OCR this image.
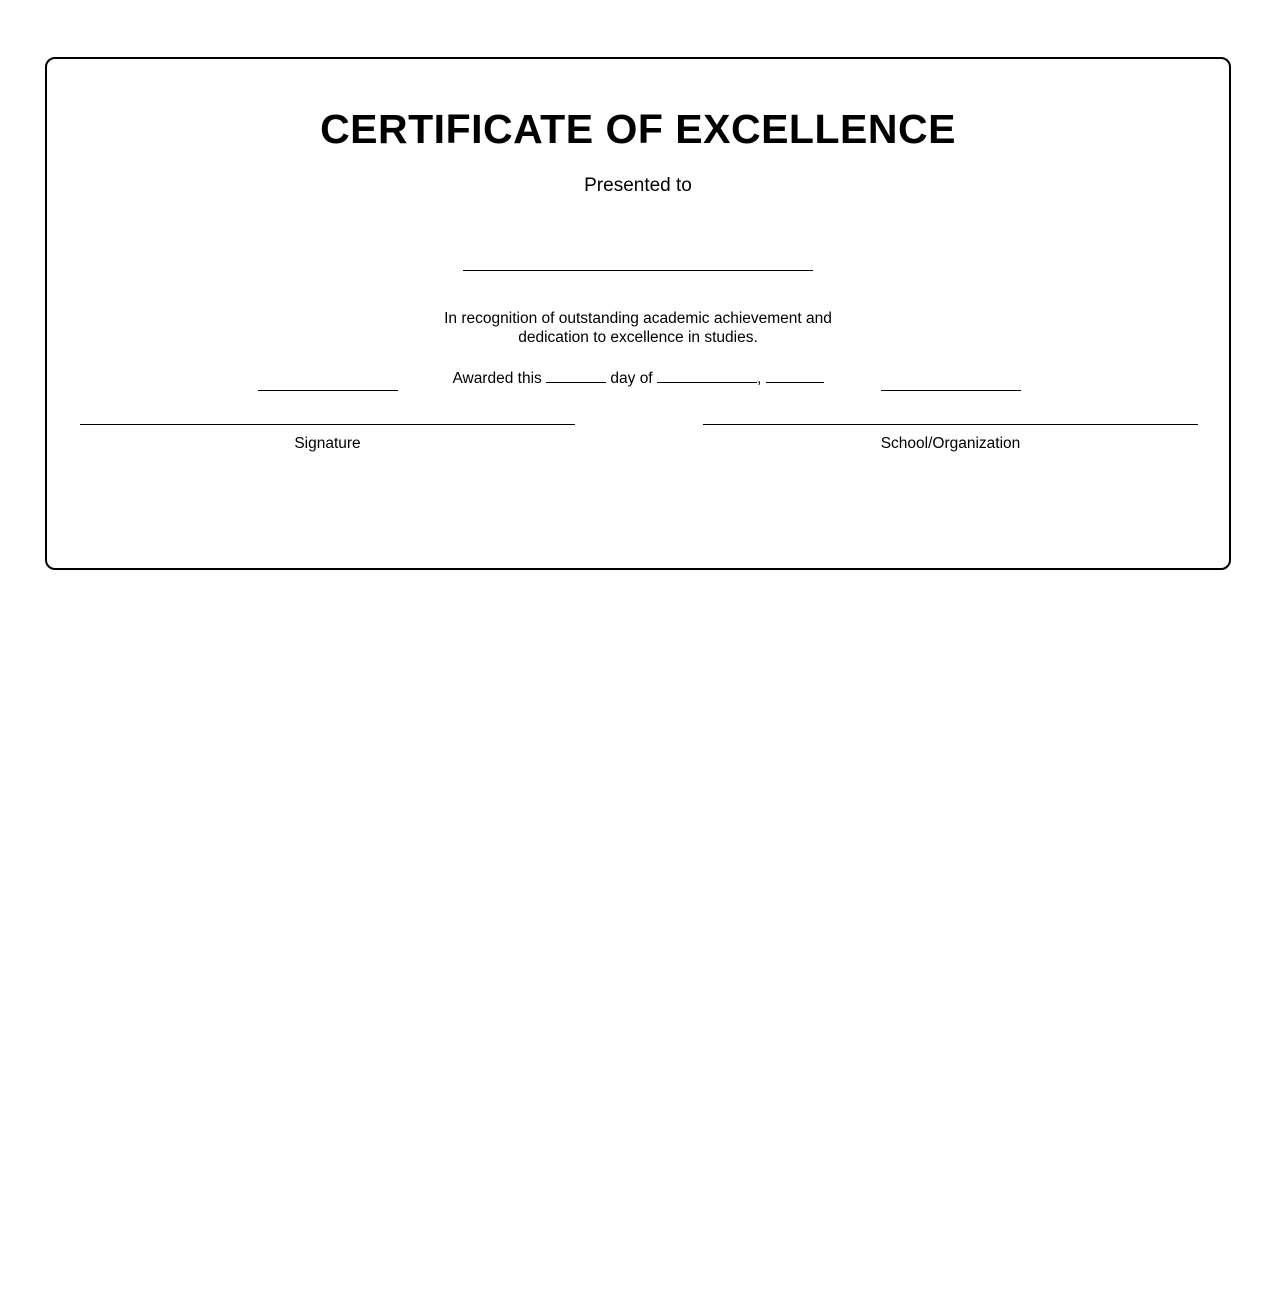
CERTIFICATE OF EXCELLENCE
Presented to
In recognition of outstanding academic achievement and
dedication to excellence in studies.
Awarded this	day of	,
Signature	School/Organization
